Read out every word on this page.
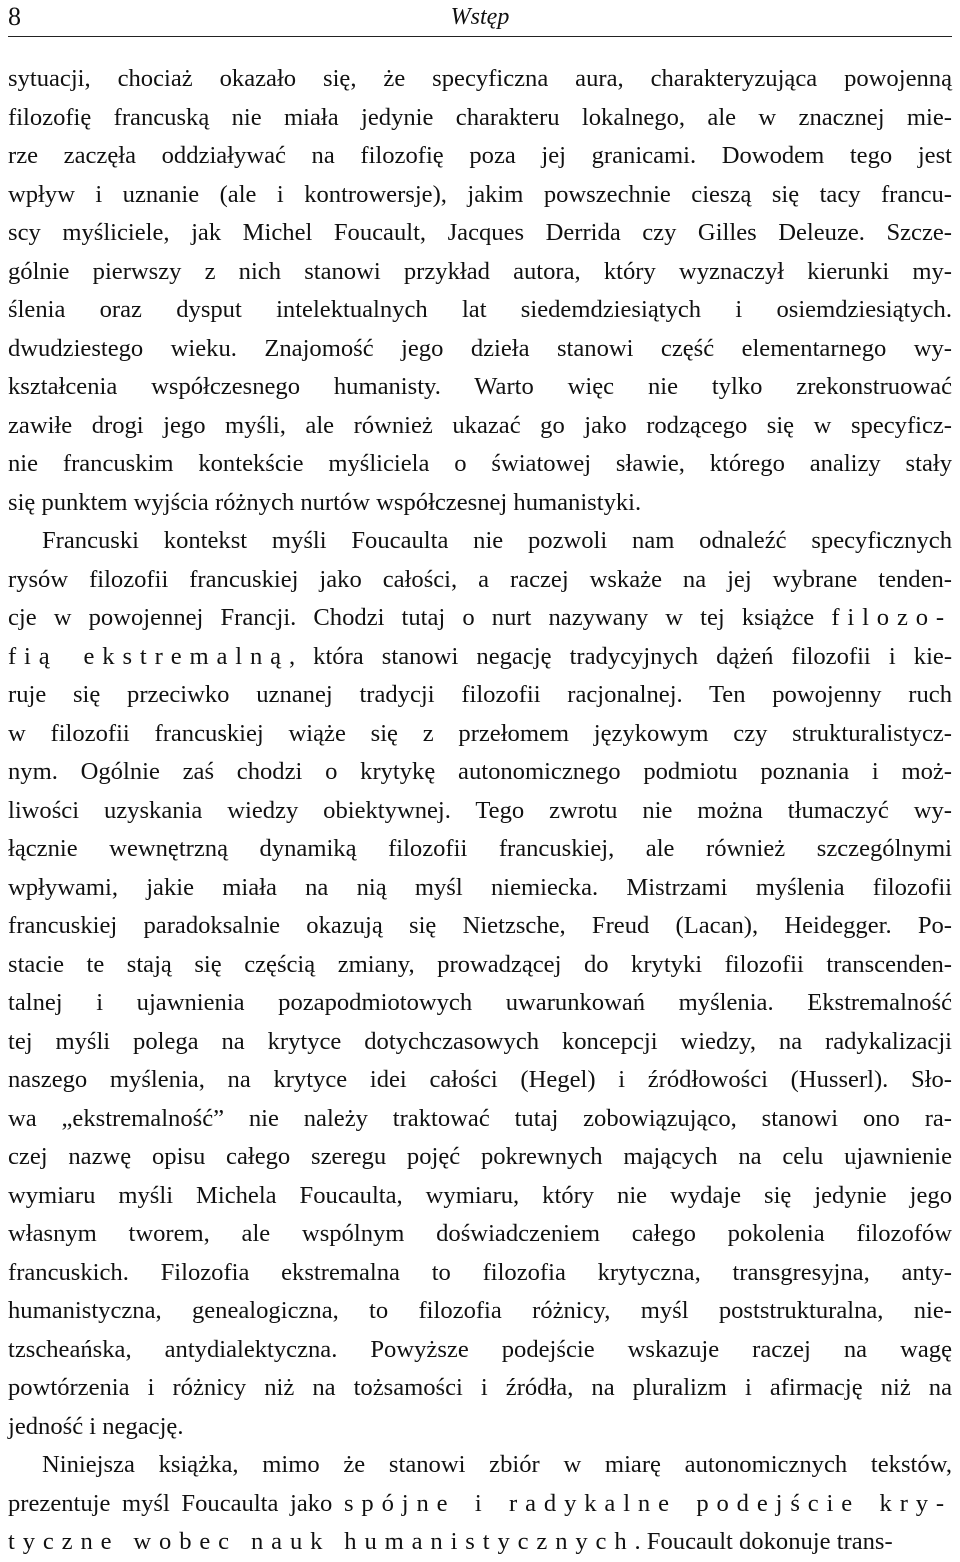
8	Wstęp
sytuacji, chociaż okazało się, że specyficzna aura, charakteryzująca powojenną
filozofię francuską nie miała jedynie charakteru lokalnego, ale w znacznej mie-
rze zaczęła oddziaływać na filozofię poza jej granicami. Dowodem tego jest
wpływ i uznanie (ale i kontrowersje), jakim powszechnie cieszą się tacy francu-
scy myśliciele, jak Michel Foucault, Jacques Derrida czy Gilles Deleuze. Szcze-
gólnie pierwszy z nich stanowi przykład autora, który wyznaczył kierunki my-
ślenia oraz dysput intelektualnych lat siedemdziesiątych i osiemdziesiątych.
dwudziestego wieku. Znajomość jego dzieła stanowi część elementarnego wy-
kształcenia współczesnego humanisty. Warto więc nie tylko zrekonstruować
zawiłe drogi jego myśli, ale również ukazać go jako rodzącego się w specyficz-
nie francuskim kontekście myśliciela o światowej sławie, którego analizy stały
się punktem wyjścia różnych nurtów współczesnej humanistyki.
Francuski kontekst myśli Foucaulta nie pozwoli nam odnaleźć specyficznych
rysów filozofii francuskiej jako całości, a raczej wskaże na jej wybrane tenden-
cje w powojennej Francji. Chodzi tutaj o nurt nazywany w tej książce filozo-
fią ekstremalną, która stanowi negację tradycyjnych dążeń filozofii i kie-
ruje się przeciwko uznanej tradycji filozofii racjonalnej. Ten powojenny ruch
w filozofii francuskiej wiąże się z przełomem językowym czy strukturalistycz-
nym. Ogólnie zaś chodzi o krytykę autonomicznego podmiotu poznania i moż-
liwości uzyskania wiedzy obiektywnej. Tego zwrotu nie można tłumaczyć wy-
łącznie wewnętrzną dynamiką filozofii francuskiej, ale również szczególnymi
wpływami, jakie miała na nią myśl niemiecka. Mistrzami myślenia filozofii
francuskiej paradoksalnie okazują się Nietzsche, Freud (Lacan), Heidegger. Po-
stacie te stają się częścią zmiany, prowadzącej do krytyki filozofii transcenden-
talnej i ujawnienia pozapodmiotowych uwarunkowań myślenia. Ekstremalność
tej myśli polega na krytyce dotychczasowych koncepcji wiedzy, na radykalizacji
naszego myślenia, na krytyce idei całości (Hegel) i źródłowości (Husserl). Sło-
wa „ekstremalność” nie należy traktować tutaj zobowiązująco, stanowi ono ra-
czej nazwę opisu całego szeregu pojęć pokrewnych mających na celu ujawnienie
wymiaru myśli Michela Foucaulta, wymiaru, który nie wydaje się jedynie jego
własnym tworem, ale wspólnym doświadczeniem całego pokolenia filozofów
francuskich. Filozofia ekstremalna to filozofia krytyczna, transgresyjna, anty-
humanistyczna, genealogiczna, to filozofia różnicy, myśl poststrukturalna, nie-
tzscheańska, antydialektyczna. Powyższe podejście wskazuje raczej na wagę
powtórzenia i różnicy niż na tożsamości i źródła, na pluralizm i afirmację niż na
jedność i negację.
Niniejsza książka, mimo że stanowi zbiór w miarę autonomicznych tekstów,
prezentuje myśl Foucaulta jako spójne i radykalne podejście kry-
tyczne wobec nauk humanistycznych. Foucault dokonuje trans-
